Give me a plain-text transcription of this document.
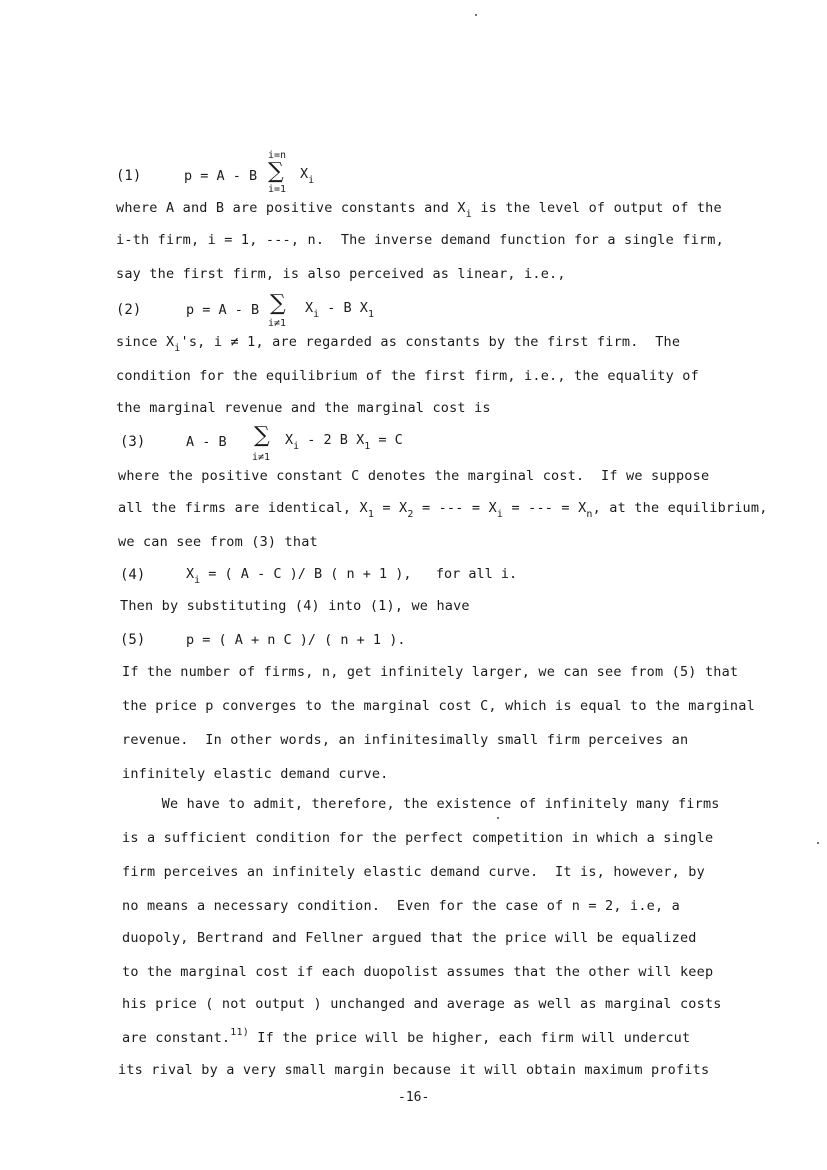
(1)	p = A - B
i=n
∑
i=1
$X_i$
where A and B are positive constants and $X_i$ is the level of output of the
i-th firm, i = 1, ---, n.  The inverse demand function for a single firm,
say the first firm, is also perceived as linear, i.e.,
(2)	p = A - B ∑
i≠1
$X_i$ - B $X_1$
since $X_i's$, i ≠ 1, are regarded as constants by the first firm.  The
condition for the equilibrium of the first firm, i.e., the equality of
the marginal revenue and the marginal cost is
(3)	A - B ∑
i≠1
$X_i - 2$ B $X_1 = C$
where the positive constant C denotes the marginal cost.  If we suppose
all the firms are identical, $X_1 = X_2$ = --- = $X_i$ = --- = $X_n$, at the equilibrium,
we can see from (3) that
(4)	$X_i$ = ( A - C )/ B ( n + 1 ),   for all i.
Then by substituting (4) into (1), we have
(5)	p = ( A + n C )/ ( n + 1 ).
If the number of firms, n, get infinitely larger, we can see from (5) that
the price p converges to the marginal cost C, which is equal to the marginal
revenue.  In other words, an infinitesimally small firm perceives an
infinitely elastic demand curve.
We have to admit, therefore, the existence of infinitely many firms
is a sufficient condition for the perfect competition in which a single
firm perceives an infinitely elastic demand curve.  It is, however, by
no means a necessary condition.  Even for the case of n = 2, i.e, a
duopoly, Bertrand and Fellner argued that the price will be equalized
to the marginal cost if each duopolist assumes that the other will keep
his price ( not output ) unchanged and average as well as marginal costs
are constant.$^{11)}$ If the price will be higher, each firm will undercut
its rival by a very small margin because it will obtain maximum profits
-16-
